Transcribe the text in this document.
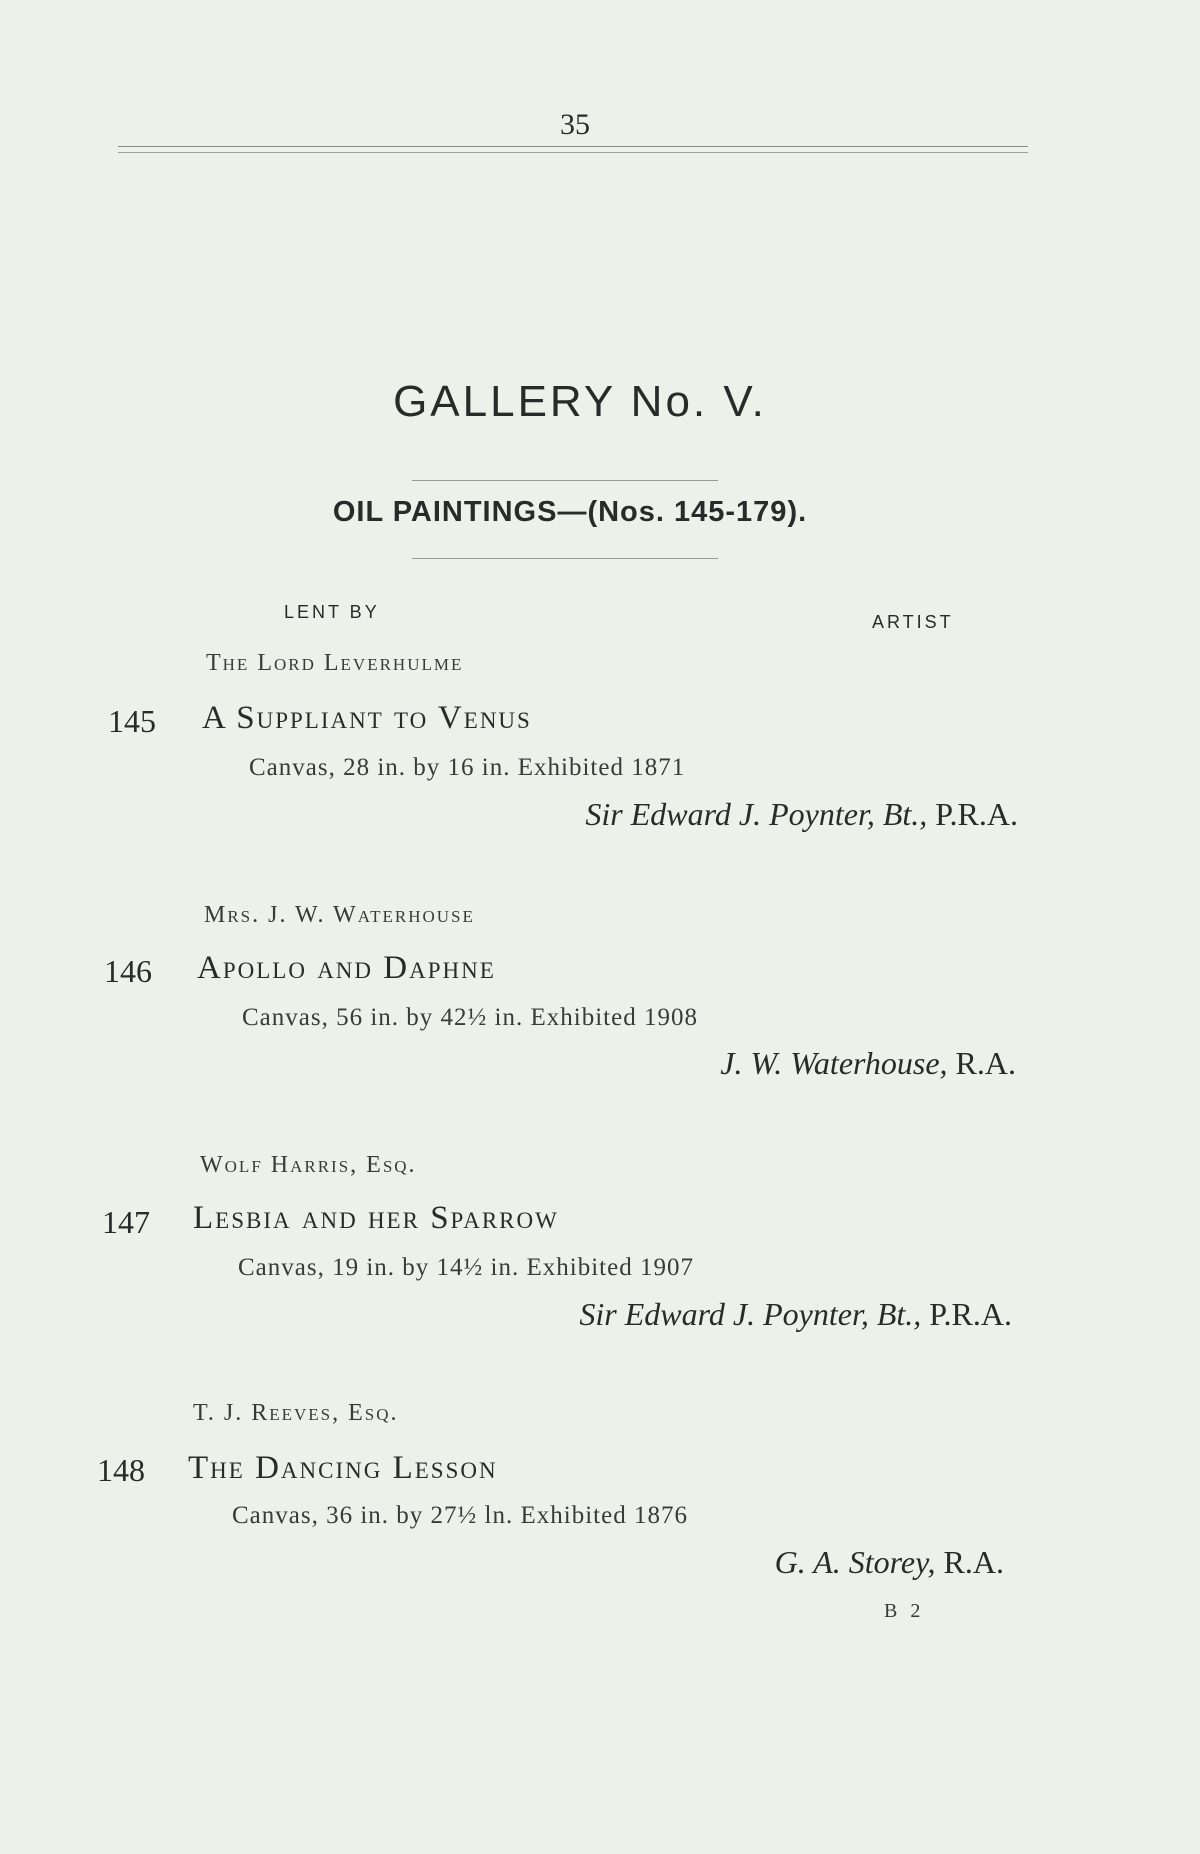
35
GALLERY No. V.
OIL PAINTINGS—(Nos. 145-179).
LENT BY	ARTIST
The Lord Leverhulme
145 A Suppliant to Venus
Canvas, 28 in. by 16 in. Exhibited 1871
Sir Edward J. Poynter, Bt., P.R.A.
Mrs. J. W. Waterhouse
146 Apollo and Daphne
Canvas, 56 in. by 42½ in. Exhibited 1908
J. W. Waterhouse, R.A.
Wolf Harris, Esq.
147 Lesbia and her Sparrow
Canvas, 19 in. by 14½ in. Exhibited 1907
Sir Edward J. Poynter, Bt., P.R.A.
T. J. Reeves, Esq.
148 The Dancing Lesson
Canvas, 36 in. by 27½ ln. Exhibited 1876
G. A. Storey, R.A.
B 2
